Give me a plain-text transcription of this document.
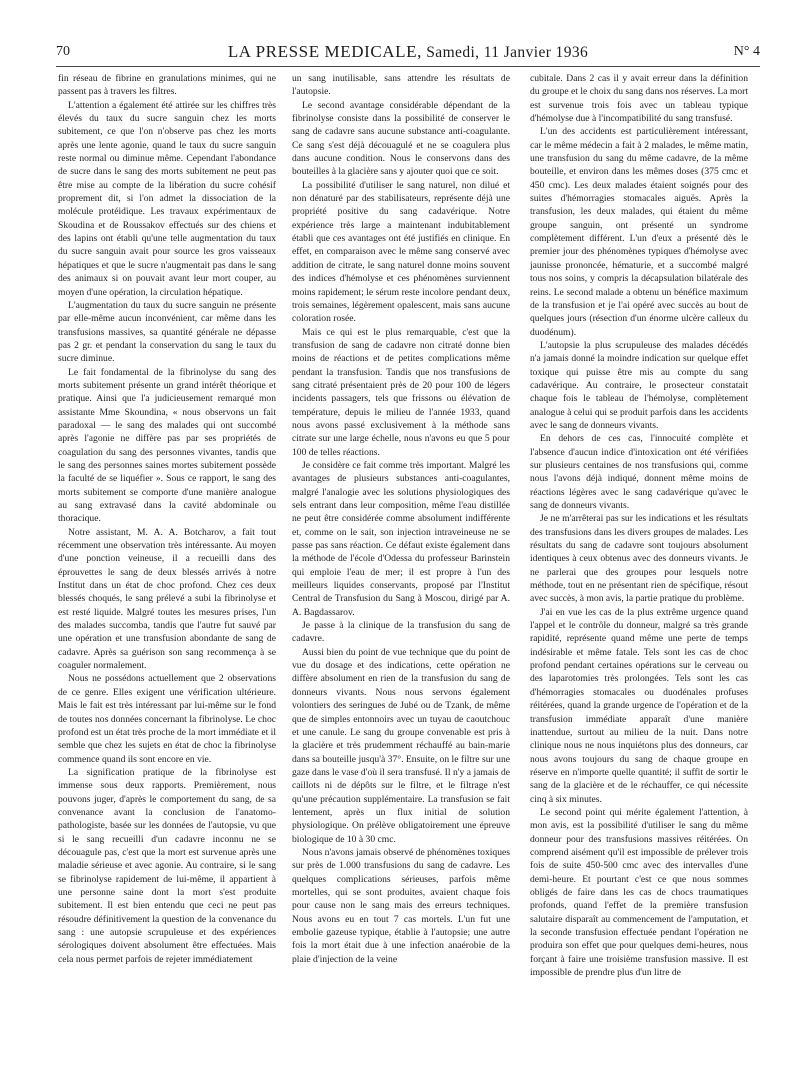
70	LA PRESSE MEDICALE, Samedi, 11 Janvier 1936	N° 4

fin réseau de fibrine en granulations minimes, qui ne passent pas à travers les filtres.

L'attention a également été attirée sur les chiffres très élevés du taux du sucre sanguin chez les morts subitement, ce que l'on n'observe pas chez les morts après une lente agonie, quand le taux du sucre sanguin reste normal ou diminue même. Cependant l'abondance de sucre dans le sang des morts subitement ne peut pas être mise au compte de la libération du sucre cohésif proprement dit, si l'on admet la dissociation de la molécule protéidique. Les travaux expérimentaux de Skoudina et de Roussakov effectués sur des chiens et des lapins ont établi qu'une telle augmentation du taux du sucre sanguin avait pour source les gros vaisseaux hépatiques et que le sucre n'augmentait pas dans le sang des animaux si on pouvait avant leur mort couper, au moyen d'une opération, la circulation hépatique.

L'augmentation du taux du sucre sanguin ne présente par elle-même aucun inconvénient, car même dans les transfusions massives, sa quantité générale ne dépasse pas 2 gr. et pendant la conservation du sang le taux du sucre diminue.

Le fait fondamental de la fibrinolyse du sang des morts subitement présente un grand intérêt théorique et pratique. Ainsi que l'a judicieusement remarqué mon assistante Mme Skoundina, « nous observons un fait paradoxal — le sang des malades qui ont succombé après l'agonie ne diffère pas par ses propriétés de coagulation du sang des personnes vivantes, tandis que le sang des personnes saines mortes subitement possède la faculté de se liquéfier ». Sous ce rapport, le sang des morts subitement se comporte d'une manière analogue au sang extravasé dans la cavité abdominale ou thoracique.

Notre assistant, M. A. A. Botcharov, a fait tout récemment une observation très intéressante. Au moyen d'une ponction veineuse, il a recueilli dans des éprouvettes le sang de deux blessés arrivés à notre Institut dans un état de choc profond. Chez ces deux blessés choqués, le sang prélevé a subi la fibrinolyse et est resté liquide. Malgré toutes les mesures prises, l'un des malades succomba, tandis que l'autre fut sauvé par une opération et une transfusion abondante de sang de cadavre. Après sa guérison son sang recommença à se coaguler normalement.

Nous ne possédons actuellement que 2 observations de ce genre. Elles exigent une vérification ultérieure. Mais le fait est très intéressant par lui-même sur le fond de toutes nos données concernant la fibrinolyse. Le choc profond est un état très proche de la mort immédiate et il semble que chez les sujets en état de choc la fibrinolyse commence quand ils sont encore en vie.

La signification pratique de la fibrinolyse est immense sous deux rapports. Premièrement, nous pouvons juger, d'après le comportement du sang, de sa convenance avant la conclusion de l'anatomo-pathologiste, basée sur les données de l'autopsie, vu que si le sang recueilli d'un cadavre inconnu ne se découagule pas, c'est que la mort est survenue après une maladie sérieuse et avec agonie. Au contraire, si le sang se fibrinolyse rapidement de lui-même, il appartient à une personne saine dont la mort s'est produite subitement. Il est bien entendu que ceci ne peut pas résoudre définitivement la question de la convenance du sang : une autopsie scrupuleuse et des expériences sérologiques doivent absolument être effectuées. Mais cela nous permet parfois de rejeter immédiatement

un sang inutilisable, sans attendre les résultats de l'autopsie.

Le second avantage considérable dépendant de la fibrinolyse consiste dans la possibilité de conserver le sang de cadavre sans aucune substance anti-coagulante. Ce sang s'est déjà découagulé et ne se coagulera plus dans aucune condition. Nous le conservons dans des bouteilles à la glacière sans y ajouter quoi que ce soit.

La possibilité d'utiliser le sang naturel, non dilué et non dénaturé par des stabilisateurs, représente déjà une propriété positive du sang cadavérique. Notre expérience très large a maintenant indubitablement établi que ces avantages ont été justifiés en clinique. En effet, en comparaison avec le même sang conservé avec addition de citrate, le sang naturel donne moins souvent des indices d'hémolyse et ces phénomènes surviennent moins rapidement; le sérum reste incolore pendant deux, trois semaines, légèrement opalescent, mais sans aucune coloration rosée.

Mais ce qui est le plus remarquable, c'est que la transfusion de sang de cadavre non citraté donne bien moins de réactions et de petites complications même pendant la transfusion. Tandis que nos transfusions de sang citraté présentaient près de 20 pour 100 de légers incidents passagers, tels que frissons ou élévation de température, depuis le milieu de l'année 1933, quand nous avons passé exclusivement à la méthode sans citrate sur une large échelle, nous n'avons eu que 5 pour 100 de telles réactions.

Je considère ce fait comme très important. Malgré les avantages de plusieurs substances anti-coagulantes, malgré l'analogie avec les solutions physiologiques des sels entrant dans leur composition, même l'eau distillée ne peut être considérée comme absolument indifférente et, comme on le sait, son injection intraveineuse ne se passe pas sans réaction. Ce défaut existe également dans la méthode de l'école d'Odessa du professeur Barinstein qui emploie l'eau de mer; il est propre à l'un des meilleurs liquides conservants, proposé par l'Institut Central de Transfusion du Sang à Moscou, dirigé par A. A. Bagdassarov.

Je passe à la clinique de la transfusion du sang de cadavre.

Aussi bien du point de vue technique que du point de vue du dosage et des indications, cette opération ne diffère absolument en rien de la transfusion du sang de donneurs vivants. Nous nous servons également volontiers des seringues de Jubé ou de Tzank, de même que de simples entonnoirs avec un tuyau de caoutchouc et une canule. Le sang du groupe convenable est pris à la glacière et très prudemment réchauffé au bain-marie dans sa bouteille jusqu'à 37°. Ensuite, on le filtre sur une gaze dans le vase d'où il sera transfusé. Il n'y a jamais de caillots ni de dépôts sur le filtre, et le filtrage n'est qu'une précaution supplémentaire. La transfusion se fait lentement, après un flux initial de solution physiologique. On prélève obligatoirement une épreuve biologique de 10 à 30 cmc.

Nous n'avons jamais observé de phénomènes toxiques sur près de 1.000 transfusions du sang de cadavre. Les quelques complications sérieuses, parfois même mortelles, qui se sont produites, avaient chaque fois pour cause non le sang mais des erreurs techniques. Nous avons eu en tout 7 cas mortels. L'un fut une embolie gazeuse typique, établie à l'autopsie; une autre fois la mort était due à une infection anaérobie de la plaie d'injection de la veine

cubitale. Dans 2 cas il y avait erreur dans la définition du groupe et le choix du sang dans nos réserves. La mort est survenue trois fois avec un tableau typique d'hémolyse due à l'incompatibilité du sang transfusé.

L'un des accidents est particulièrement intéressant, car le même médecin a fait à 2 malades, le même matin, une transfusion du sang du même cadavre, de la même bouteille, et environ dans les mêmes doses (375 cmc et 450 cmc). Les deux malades étaient soignés pour des suites d'hémorragies stomacales aiguës. Après la transfusion, les deux malades, qui étaient du même groupe sanguin, ont présenté un syndrome complètement différent. L'un d'eux a présenté dès le premier jour des phénomènes typiques d'hémolyse avec jaunisse prononcée, hématurie, et a succombé malgré tous nos soins, y compris la décapsulation bilatérale des reins. Le second malade a obtenu un bénéfice maximum de la transfusion et je l'ai opéré avec succès au bout de quelques jours (résection d'un énorme ulcère calleux du duodénum).

L'autopsie la plus scrupuleuse des malades décédés n'a jamais donné la moindre indication sur quelque effet toxique qui puisse être mis au compte du sang cadavérique. Au contraire, le prosecteur constatait chaque fois le tableau de l'hémolyse, complètement analogue à celui qui se produit parfois dans les accidents avec le sang de donneurs vivants.

En dehors de ces cas, l'innocuité complète et l'absence d'aucun indice d'intoxication ont été vérifiées sur plusieurs centaines de nos transfusions qui, comme nous l'avons déjà indiqué, donnent même moins de réactions légères avec le sang cadavérique qu'avec le sang de donneurs vivants.

Je ne m'arrêterai pas sur les indications et les résultats des transfusions dans les divers groupes de malades. Les résultats du sang de cadavre sont toujours absolument identiques à ceux obtenus avec des donneurs vivants. Je ne parlerai que des groupes pour lesquels notre méthode, tout en ne présentant rien de spécifique, résout avec succès, à mon avis, la partie pratique du problème.

J'ai en vue les cas de la plus extrême urgence quand l'appel et le contrôle du donneur, malgré sa très grande rapidité, représente quand même une perte de temps indésirable et même fatale. Tels sont les cas de choc profond pendant certaines opérations sur le cerveau ou des laparotomies très prolongées. Tels sont les cas d'hémorragies stomacales ou duodénales profuses réitérées, quand la grande urgence de l'opération et de la transfusion immédiate apparaît d'une manière inattendue, surtout au milieu de la nuit. Dans notre clinique nous ne nous inquiétons plus des donneurs, car nous avons toujours du sang de chaque groupe en réserve en n'importe quelle quantité; il suffit de sortir le sang de la glacière et de le réchauffer, ce qui nécessite cinq à six minutes.

Le second point qui mérite également l'attention, à mon avis, est la possibilité d'utiliser le sang du même donneur pour des transfusions massives réitérées. On comprend aisément qu'il est impossible de prélever trois fois de suite 450-500 cmc avec des intervalles d'une demi-heure. Et pourtant c'est ce que nous sommes obligés de faire dans les cas de chocs traumatiques profonds, quand l'effet de la première transfusion salutaire disparaît au commencement de l'amputation, et la seconde transfusion effectuée pendant l'opération ne produira son effet que pour quelques demi-heures, nous forçant à faire une troisième transfusion massive. Il est impossible de prendre plus d'un litre de
